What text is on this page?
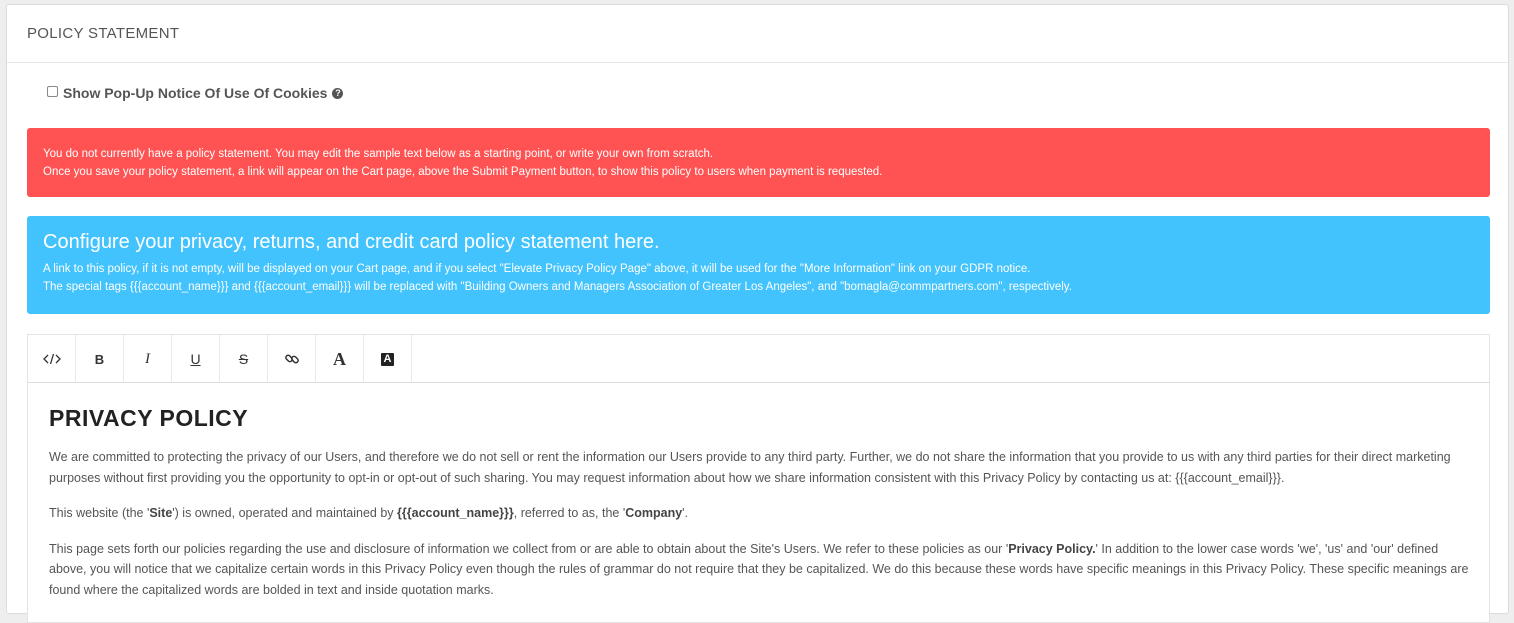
POLICY STATEMENT
Show Pop-Up Notice Of Use Of Cookies ?
You do not currently have a policy statement. You may edit the sample text below as a starting point, or write your own from scratch.
Once you save your policy statement, a link will appear on the Cart page, above the Submit Payment button, to show this policy to users when payment is requested.
Configure your privacy, returns, and credit card policy statement here.
A link to this policy, if it is not empty, will be displayed on your Cart page, and if you select "Elevate Privacy Policy Page" above, it will be used for the "More Information" link on your GDPR notice.
The special tags {{{account_name}}} and {{{account_email}}} will be replaced with "Building Owners and Managers Association of Greater Los Angeles", and "bomagla@commpartners.com", respectively.
B	I	U	S	A	A
PRIVACY POLICY

We are committed to protecting the privacy of our Users, and therefore we do not sell or rent the information our Users provide to any third party. Further, we do not share the information that you provide to us with any third parties for their direct marketing purposes without first providing you the opportunity to opt-in or opt-out of such sharing. You may request information about how we share information consistent with this Privacy Policy by contacting us at: {{{account_email}}}.

This website (the 'Site') is owned, operated and maintained by {{{account_name}}}, referred to as, the 'Company'.

This page sets forth our policies regarding the use and disclosure of information we collect from or are able to obtain about the Site's Users. We refer to these policies as our 'Privacy Policy.' In addition to the lower case words 'we', 'us' and 'our' defined above, you will notice that we capitalize certain words in this Privacy Policy even though the rules of grammar do not require that they be capitalized. We do this because these words have specific meanings in this Privacy Policy. These specific meanings are found where the capitalized words are bolded in text and inside quotation marks.
